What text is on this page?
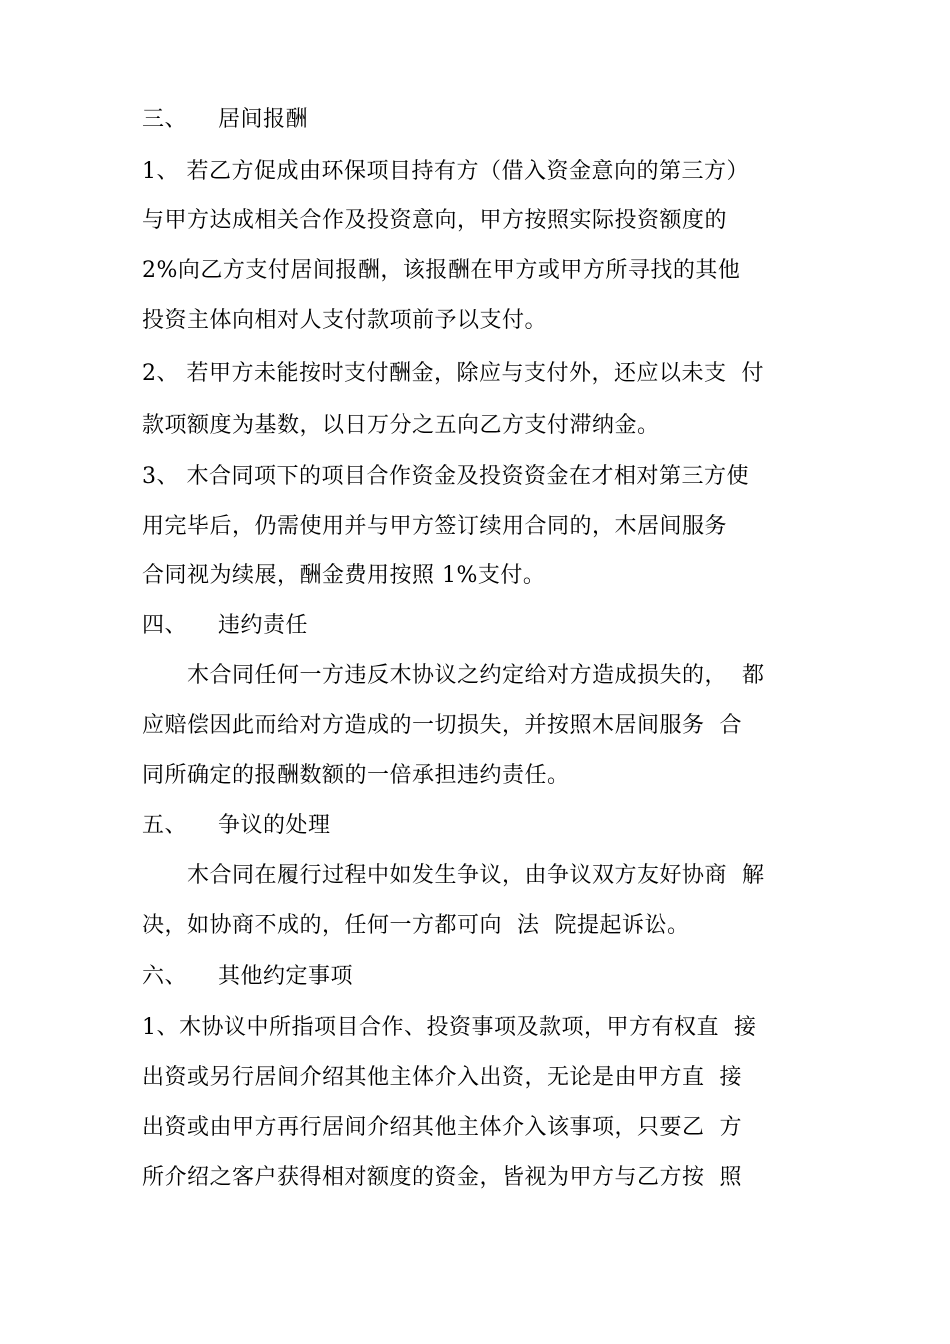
三、 居间报酬
1、 若乙方促成由环保项目持有方（借入资金意向的第三方）
与甲方达成相关合作及投资意向，甲方按照实际投资额度的
2%向乙方支付居间报酬，该报酬在甲方或甲方所寻找的其他
投资主体向相对人支付款项前予以支付。
2、 若甲方未能按时支付酬金，除应与支付外，还应以未支  付
款项额度为基数，以日万分之五向乙方支付滞纳金。
3、 木合同项下的项目合作资金及投资资金在才相对第三方使
用完毕后，仍需使用并与甲方签订续用合同的，木居间服务
合同视为续展，酬金费用按照 1%支付。
四、 违约责任
木合同任何一方违反木协议之约定给对方造成损失的，  都
应赔偿因此而给对方造成的一切损失，并按照木居间服务  合
同所确定的报酬数额的一倍承担违约责任。
五、 争议的处理
木合同在履行过程中如发生争议，由争议双方友好协商  解
决，如协商不成的，任何一方都可向  法  院提起诉讼。
六、 其他约定事项
1、木协议中所指项目合作、投资事项及款项，甲方有权直  接
出资或另行居间介绍其他主体介入出资，无论是由甲方直  接
出资或由甲方再行居间介绍其他主体介入该事项，只要乙  方
所介绍之客户获得相对额度的资金，皆视为甲方与乙方按  照
